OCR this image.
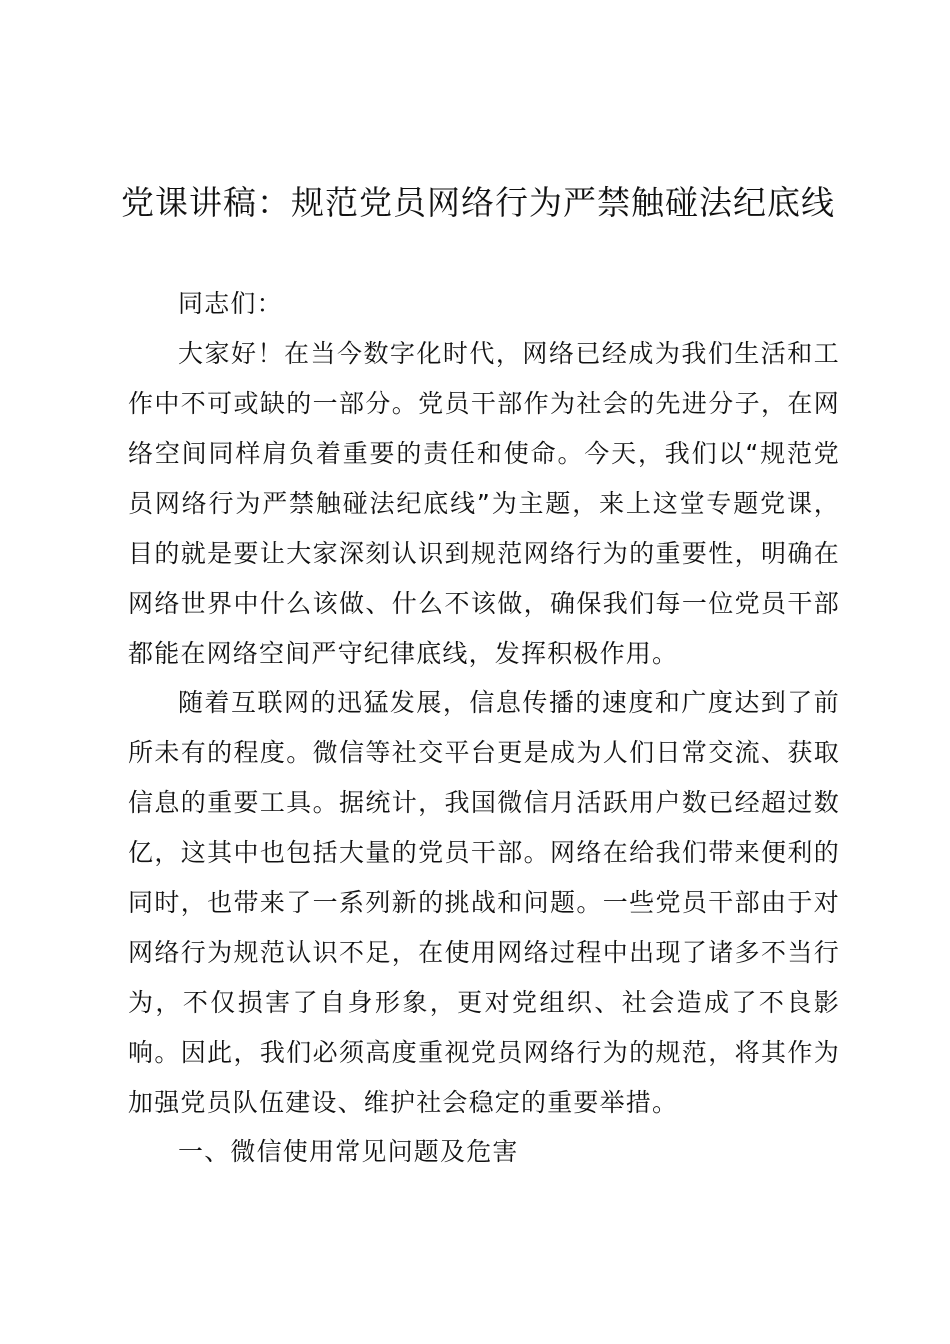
党课讲稿：规范党员网络行为严禁触碰法纪底线

同志们：

大家好！在当今数字化时代，网络已经成为我们生活和工作中不可或缺的一部分。党员干部作为社会的先进分子，在网络空间同样肩负着重要的责任和使命。今天，我们以“规范党员网络行为严禁触碰法纪底线”为主题，来上这堂专题党课，目的就是要让大家深刻认识到规范网络行为的重要性，明确在网络世界中什么该做、什么不该做，确保我们每一位党员干部都能在网络空间严守纪律底线，发挥积极作用。

随着互联网的迅猛发展，信息传播的速度和广度达到了前所未有的程度。微信等社交平台更是成为人们日常交流、获取信息的重要工具。据统计，我国微信月活跃用户数已经超过数亿，这其中也包括大量的党员干部。网络在给我们带来便利的同时，也带来了一系列新的挑战和问题。一些党员干部由于对网络行为规范认识不足，在使用网络过程中出现了诸多不当行为，不仅损害了自身形象，更对党组织、社会造成了不良影响。因此，我们必须高度重视党员网络行为的规范，将其作为加强党员队伍建设、维护社会稳定的重要举措。

一、微信使用常见问题及危害
